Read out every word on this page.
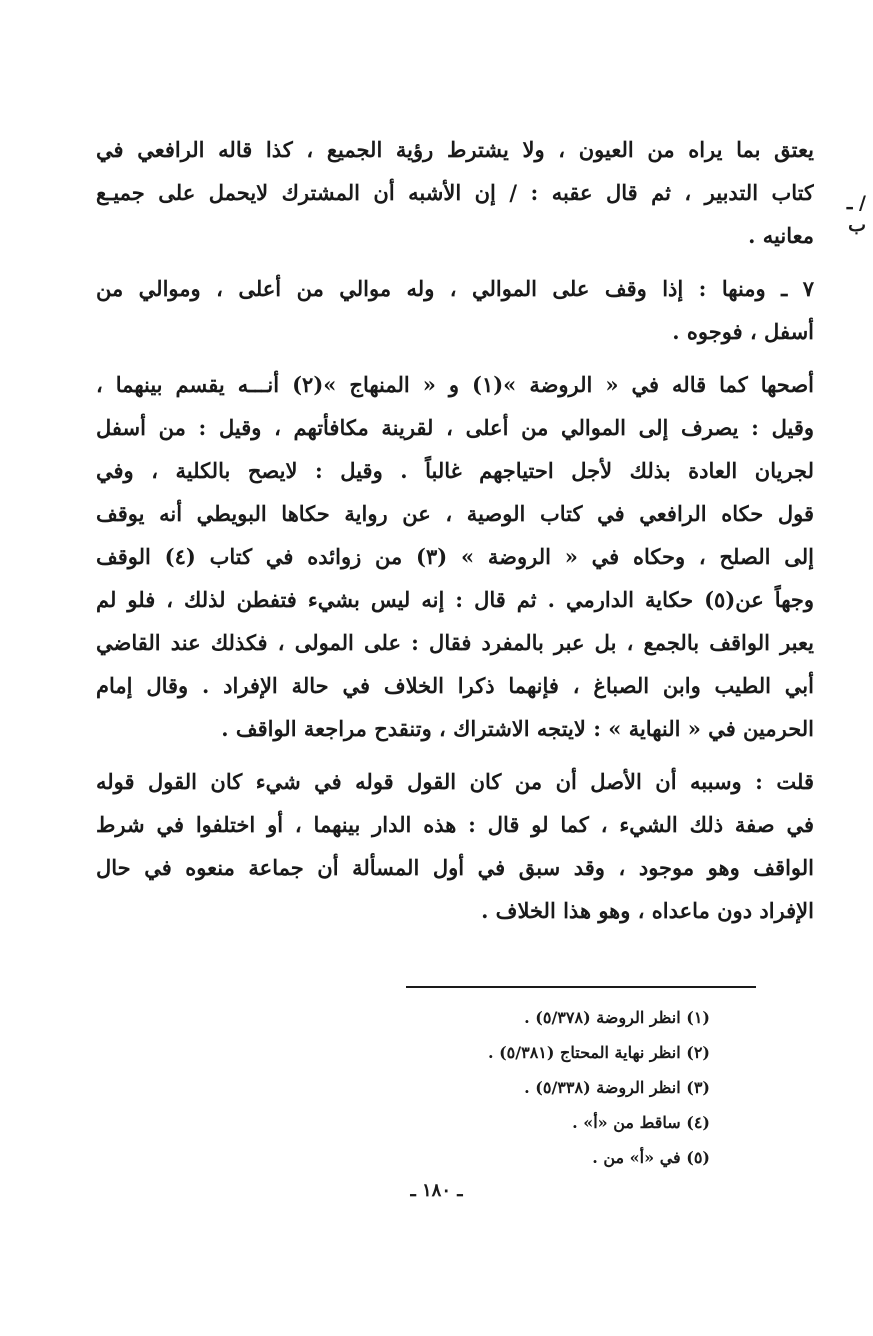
/ ـ ب
يعتق بما يراه من العيون ، ولا يشترط رؤية الجميع ، كذا قاله الرافعي في
كتاب التدبير ، ثم قال عقبه : / إن الأشبه أن المشترك لايحمل على جميـع
معانيه .
٧ ـ ومنها : إذا وقف على الموالي ، وله موالي من أعلى ، وموالي من
أسفل ، فوجوه .
أصحها كما قاله في « الروضة »(١) و « المنهاج »(٢) أنـــه يقسم بينهما ،
وقيل : يصرف إلى الموالي من أعلى ، لقرينة مكافأتهم ، وقيل : من أسفل
لجريان العادة بذلك لأجل احتياجهم غالباً . وقيل : لايصح بالكلية ، وفي
قول حكاه الرافعي في كتاب الوصية ، عن رواية حكاها البويطي أنه يوقف
إلى الصلح ، وحكاه في « الروضة » (٣) من زوائده في كتاب (٤) الوقف
وجهاً عن(٥) حكاية الدارمي . ثم قال : إنه ليس بشيء فتفطن لذلك ، فلو لم
يعبر الواقف بالجمع ، بل عبر بالمفرد فقال : على المولى ، فكذلك عند القاضي
أبي الطيب وابن الصباغ ، فإنهما ذكرا الخلاف في حالة الإفراد . وقال إمام
الحرمين في « النهاية » : لايتجه الاشتراك ، وتنقدح مراجعة الواقف .
قلت : وسببه أن الأصل أن من كان القول قوله في شيء كان القول قوله
في صفة ذلك الشيء ، كما لو قال : هذه الدار بينهما ، أو اختلفوا في شرط
الواقف وهو موجود ، وقد سبق في أول المسألة أن جماعة منعوه في حال
الإفراد دون ماعداه ، وهو هذا الخلاف .
(١) انظر الروضة (٥/٣٧٨) .
(٢) انظر نهاية المحتاج (٥/٣٨١) .
(٣) انظر الروضة (٥/٣٣٨) .
(٤) ساقط من «أ» .
(٥) في «أ» من .
ـ ١٨٠ ـ
